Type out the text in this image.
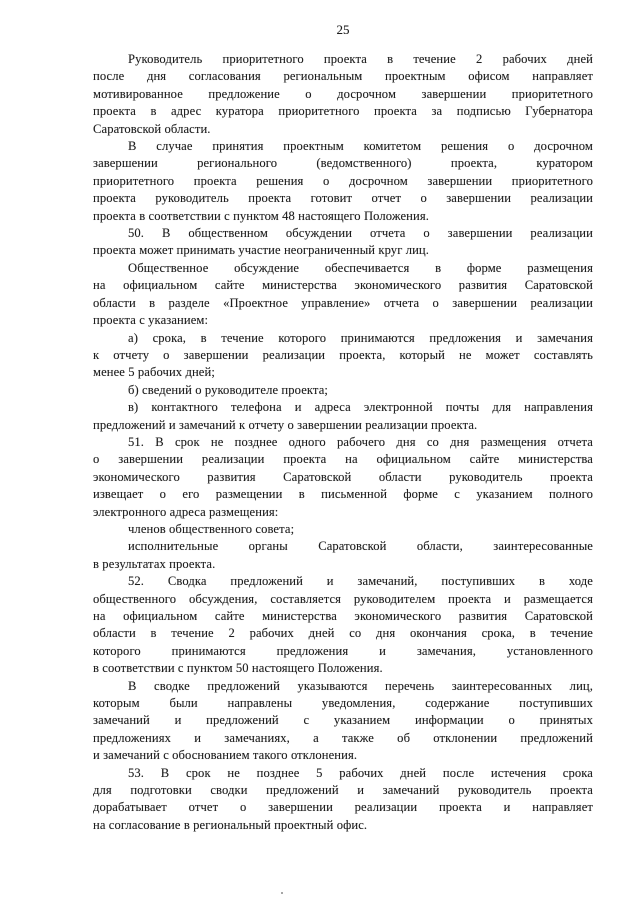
25

Руководитель приоритетного проекта в течение 2 рабочих дней
после дня согласования региональным проектным офисом направляет
мотивированное предложение о досрочном завершении приоритетного
проекта в адрес куратора приоритетного проекта за подписью Губернатора
Саратовской области.

В случае принятия проектным комитетом решения о досрочном
завершении регионального (ведомственного) проекта, куратором
приоритетного проекта решения о досрочном завершении приоритетного
проекта руководитель проекта готовит отчет о завершении реализации
проекта в соответствии с пунктом 48 настоящего Положения.

50. В общественном обсуждении отчета о завершении реализации
проекта может принимать участие неограниченный круг лиц.

Общественное обсуждение обеспечивается в форме размещения
на официальном сайте министерства экономического развития Саратовской
области в разделе «Проектное управление» отчета о завершении реализации
проекта с указанием:

а) срока, в течение которого принимаются предложения и замечания
к отчету о завершении реализации проекта, который не может составлять
менее 5 рабочих дней;

б) сведений о руководителе проекта;

в) контактного телефона и адреса электронной почты для направления
предложений и замечаний к отчету о завершении реализации проекта.

51. В срок не позднее одного рабочего дня со дня размещения отчета
о завершении реализации проекта на официальном сайте министерства
экономического развития Саратовской области руководитель проекта
извещает о его размещении в письменной форме с указанием полного
электронного адреса размещения:

членов общественного совета;

исполнительные органы Саратовской области, заинтересованные
в результатах проекта.

52. Сводка предложений и замечаний, поступивших в ходе
общественного обсуждения, составляется руководителем проекта и размещается
на официальном сайте министерства экономического развития Саратовской
области в течение 2 рабочих дней со дня окончания срока, в течение
которого принимаются предложения и замечания, установленного
в соответствии с пунктом 50 настоящего Положения.

В сводке предложений указываются перечень заинтересованных лиц,
которым были направлены уведомления, содержание поступивших
замечаний и предложений с указанием информации о принятых
предложениях и замечаниях, а также об отклонении предложений
и замечаний с обоснованием такого отклонения.

53. В срок не позднее 5 рабочих дней после истечения срока
для подготовки сводки предложений и замечаний руководитель проекта
дорабатывает отчет о завершении реализации проекта и направляет
на согласование в региональный проектный офис.
